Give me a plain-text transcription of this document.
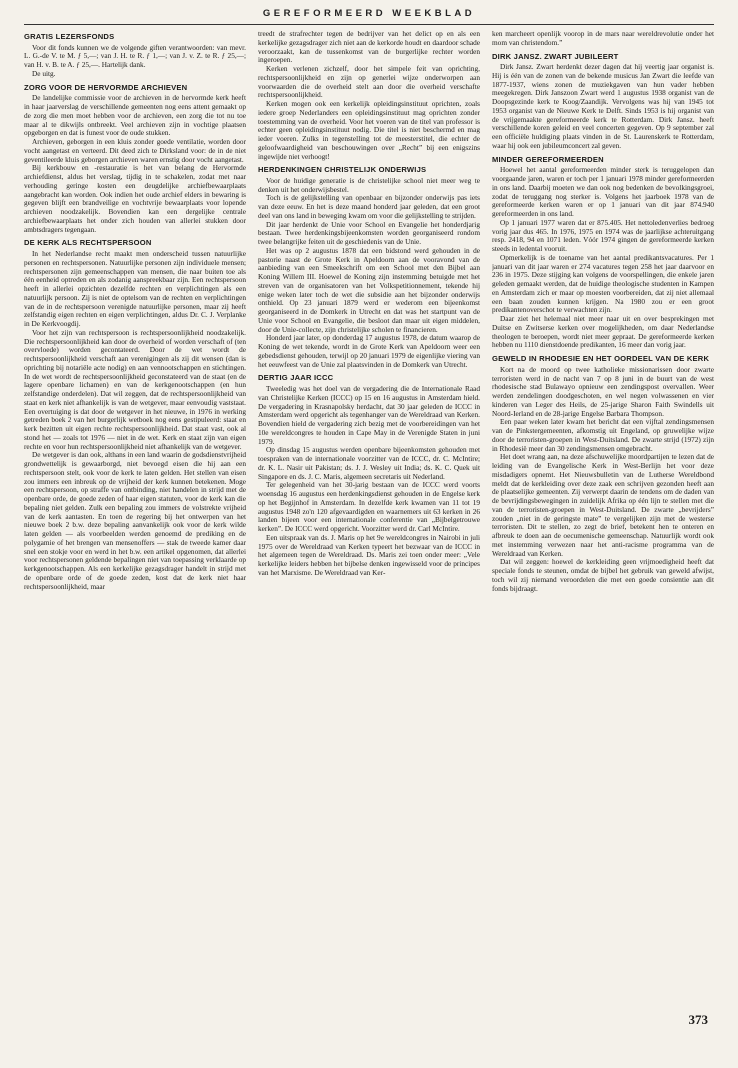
GEREFORMEERD WEEKBLAD
GRATIS LEZERSFONDS

Voor dit fonds kunnen we de volgende giften verantwoorden: van mevr. L. G.-de V. te M. ƒ 5,—; van J. H. te R. ƒ 1,—; van J. v. Z. te R. ƒ 25,—; van H. v. B. te A. ƒ 25,—. Hartelijk dank.

De uitg.

ZORG VOOR DE HERVORMDE ARCHIEVEN

De landelijke commissie voor de archieven in de hervormde kerk heeft in haar jaarverslag de verschillende gemeenten nog eens attent gemaakt op de zorg die men moet hebben voor de archieven, een zorg die tot nu toe maar al te dikwijls ontbreekt. Veel archieven zijn in vochtige plaatsen opgeborgen en dat is funest voor de oude stukken.

Archieven, geborgen in een kluis zonder goede ventilatie, worden door vocht aangetast en verteerd. Dit deed zich te Dirksland voor: de in de niet geventileerde kluis geborgen archieven waren ernstig door vocht aangetast.

Bij kerkbouw en -restauratie is het van belang de Hervormde archiefdienst, aldus het verslag, tijdig in te schakelen, zodat met naar verhouding geringe kosten een deugdelijke archiefbewaarplaats aangebracht kan worden. Ook indien het oude archief elders in bewaring is gegeven blijft een brandveilige en vochtvrije bewaarplaats voor lopende archieven noodzakelijk. Bovendien kan een dergelijke centrale archiefbewaarplaats het onder zich houden van allerlei stukken door ambtsdragers tegengaan.

DE KERK ALS RECHTSPERSOON

In het Nederlandse recht maakt men onderscheid tussen natuurlijke personen en rechtspersonen. Natuurlijke personen zijn individuele mensen; rechtspersonen zijn gemeenschappen van mensen, die naar buiten toe als één eenheid optreden en als zodanig aanspreekbaar zijn. Een rechtspersoon heeft in allerlei opzichten dezelfde rechten en verplichtingen als een natuurlijk persoon. Zij is niet de optelsom van de rechten en verplichtingen van de in de rechtspersoon verenigde natuurlijke personen, maar zij heeft zelfstandig eigen rechten en eigen verplichtingen, aldus Dr. C. J. Verplanke in De Kerkvoogdij.

Voor het zijn van rechtspersoon is rechtspersoonlijkheid noodzakelijk. Die rechtspersoonlijkheid kan door de overheid of worden verschaft of (ten overvloede) worden gecontateerd. Door de wet wordt de rechtspersoonlijkheid verschaft aan verenigingen als zij dit wensen (dan is oprichting bij notariële acte nodig) en aan vennootschappen en stichtingen. In de wet wordt de rechtspersoonlijkheid geconstateerd van de staat (en de lagere openbare lichamen) en van de kerkgenootschappen (en hun zelfstandige onderdelen). Dat wil zeggen, dat de rechtspersoonlijkheid van staat en kerk niet afhankelijk is van de wetgever, maar eenvoudig vaststaat. Een overtuiging is dat door de wetgever in het nieuwe, in 1976 in werking getreden boek 2 van het burgerlijk wetboek nog eens gestipuleerd: staat en kerk bezitten uit eigen rechte rechtspersoonlijkheid. Dat staat vast, ook al stond het — zoals tot 1976 — niet in de wet. Kerk en staat zijn van eigen rechte en voor hun rechtspersoonlijkheid niet afhankelijk van de wetgever.

De wetgever is dan ook, althans in een land waarin de godsdienstvrijheid grondwettelijk is gewaarborgd, niet bevoegd eisen die hij aan een rechtspersoon stelt, ook voor de kerk te laten gelden. Het stellen van eisen zou immers een inbreuk op de vrijheid der kerk kunnen betekenen. Moge een rechtspersoon, op straffe van ontbinding, niet handelen in strijd met de openbare orde, de goede zeden of haar eigen statuten, voor de kerk kan die bepaling niet gelden. Zulk een bepaling zou immers de volstrekte vrijheid van de kerk aantasten. En toen de regering bij het ontwerpen van het nieuwe boek 2 b.w. deze bepaling aanvankelijk ook voor de kerk wilde laten gelden — als voorbeelden werden genoemd de prediking en de polygamie of het brengen van mensenoffers — stak de tweede kamer daar snel een stokje voor en werd in het b.w. een artikel opgenomen, dat allerlei voor rechtspersonen geldende bepalingen niet van toepassing verklaarde op kerkgenootschappen. Als een kerkelijke gezagsdrager handelt in strijd met de openbare orde of de goede zeden, kost dat de kerk niet haar rechtspersoonlijkheid, maar

treedt de strafrechter tegen de bedrijver van het delict op en als een kerkelijke gezagsdrager zich niet aan de kerkorde houdt en daardoor schade veroorzaakt, kan de tussenkomst van de burgerlijke rechter worden ingeroepen.

Kerken verlenen zichzelf, door het simpele feit van oprichting, rechtspersoonlijkheid en zijn op generlei wijze onderworpen aan voorwaarden die de overheid stelt aan door die overheid verschafte rechtspersoonlijkheid.

Kerken mogen ook een kerkelijk opleidingsinstituut oprichten, zoals iedere groep Nederlanders een opleidingsinstituut mag oprichten zonder toestemming van de overheid. Voor het voeren van de titel van professor is echter geen opleidingsinstituut nodig. Die titel is niet beschermd en mag ieder voeren. Zulks in tegenstelling tot de meesterstitel, die echter de geloofwaardigheid van beschouwingen over „Recht” bij een enigszins ingewijde niet verhoogt!

HERDENKINGEN CHRISTELIJK ONDERWIJS

Voor de huidige generatie is de christelijke school niet meer weg te denken uit het onderwijsbestel.

Toch is de gelijkstelling van openbaar en bijzonder onderwijs pas iets van deze eeuw. En het is deze maand honderd jaar geleden, dat een groot deel van ons land in beweging kwam om voor die gelijkstelling te strijden.

Dit jaar herdenkt de Unie voor School en Evangelie het honderdjarig bestaan. Twee herdenkingsbijeenkomsten worden georganiseerd rondom twee belangrijke feiten uit de geschiedenis van de Unie.

Het was op 2 augustus 1878 dat een bidstond werd gehouden in de pastorie naast de Grote Kerk in Apeldoorn aan de vooravond van de aanbieding van een Smeekschrift om een School met den Bijbel aan Koning Willem III. Hoewel de Koning zijn instemming betuigde met het streven van de organisatoren van het Volkspetitionnement, tekende hij enige weken later toch de wet die subsidie aan het bijzonder onderwijs onthield. Op 23 januari 1879 werd er wederom een bijeenkomst georganiseerd in de Domkerk in Utrecht en dat was het startpunt van de Unie voor School en Evangelie, die besloot dan maar uit eigen middelen, door de Unie-collecte, zijn christelijke scholen te financieren.

Honderd jaar later, op donderdag 17 augustus 1978, de datum waarop de Koning de wet tekende, wordt in de Grote Kerk van Apeldoorn weer een gebedsdienst gehouden, terwijl op 20 januari 1979 de eigenlijke viering van het eeuwfeest van de Unie zal plaatsvinden in de Domkerk van Utrecht.

DERTIG JAAR ICCC

Tweeledig was het doel van de vergadering die de Internationale Raad van Christelijke Kerken (ICCC) op 15 en 16 augustus in Amsterdam hield. De vergadering in Krasnapolsky herdacht, dat 30 jaar geleden de ICCC in Amsterdam werd opgericht als tegenhanger van de Wereldraad van Kerken. Bovendien hield de vergadering zich bezig met de voorbereidingen van het 10e wereldcongres te houden in Cape May in de Verenigde Staten in juni 1979.

Op dinsdag 15 augustus werden openbare bijeenkomsten gehouden met toespraken van de internationale voorzitter van de ICCC, dr. C. McIntire; dr. K. L. Nasir uit Pakistan; ds. J. J. Wesley uit India; ds. K. C. Quek uit Singapore en ds. J. C. Maris, algemeen secretaris uit Nederland.

Ter gelegenheid van het 30-jarig bestaan van de ICCC werd voorts woensdag 16 augustus een herdenkingsdienst gehouden in de Engelse kerk op het Begijnhof in Amsterdam. In dezelfde kerk kwamen van 11 tot 19 augustus 1948 zo'n 120 afgevaardigden en waarnemers uit 63 kerken in 26 landen bijeen voor een internationale conferentie van „Bijbelgetrouwe kerken”. De ICCC werd opgericht. Voorzitter werd dr. Carl McIntire.

Een uitspraak van ds. J. Maris op het 9e wereldcongres in Nairobi in juli 1975 over de Wereldraad van Kerken typeert het bezwaar van de ICCC in het algemeen tegen de Wereldraad. Ds. Maris zei toen onder meer: „Vele kerkelijke leiders hebben het bijbelse denken ingewisseld voor de principes van het Marxisme. De Wereldraad van Ker-

ken marcheert openlijk voorop in de mars naar wereldrevolutie onder het mom van christendom.”

DIRK JANSZ. ZWART JUBILEERT

Dirk Jansz. Zwart herdenkt dezer dagen dat hij veertig jaar organist is. Hij is één van de zonen van de bekende musicus Jan Zwart die leefde van 1877-1937, wiens zonen de muziekgaven van hun vader hebben meegekregen. Dirk Janszoon Zwart werd 1 augustus 1938 organist van de Doopsgezinde kerk te Koog/Zaandijk. Vervolgens was hij van 1945 tot 1953 organist van de Nieuwe Kerk te Delft. Sinds 1953 is hij organist van de vrijgemaakte gereformeerde kerk te Rotterdam. Dirk Jansz. heeft verschillende koren geleid en veel concerten gegeven. Op 9 september zal een officiële huldiging plaats vinden in de St. Laurenskerk te Rotterdam, waar hij ook een jubileumconcert zal geven.

MINDER GEREFORMEERDEN

Hoewel het aantal gereformeerden minder sterk is teruggelopen dan voorgaande jaren, waren er toch per 1 januari 1978 minder gereformeerden in ons land. Daarbij moeten we dan ook nog bedenken de bevolkingsgroei, zodat de teruggang nog sterker is. Volgens het jaarboek 1978 van de gereformeerde kerken waren er op 1 januari van dit jaar 874.940 gereformeerden in ons land.

Op 1 januari 1977 waren dat er 875.405. Het nettoledenverlies bedroeg vorig jaar dus 465. In 1976, 1975 en 1974 was de jaarlijkse achteruitgang resp. 2418, 94 en 1071 leden. Vóór 1974 gingen de gereformeerde kerken steeds in ledental vooruit.

Opmerkelijk is de toename van het aantal predikantsvacatures. Per 1 januari van dit jaar waren er 274 vacatures tegen 258 het jaar daarvoor en 236 in 1975. Deze stijging kan volgens de voorspellingen, die enkele jaren geleden gemaakt werden, dat de huidige theologische studenten in Kampen en Amsterdam zich er maar op moesten voorbereiden, dat zij niet allemaal een baan zouden kunnen krijgen. Na 1980 zou er een groot predikantenoverschot te verwachten zijn.

Daar ziet het helemaal niet meer naar uit en over besprekingen met Duitse en Zwitserse kerken over mogelijkheden, om daar Nederlandse theologen te beroepen, wordt niet meer gepraat. De gereformeerde kerken hebben nu 1110 dienstdoende predikanten, 16 meer dan vorig jaar.

GEWELD IN RHODESIE EN HET OORDEEL VAN DE KERK

Kort na de moord op twee katholieke missionarissen door zwarte terroristen werd in de nacht van 7 op 8 juni in de buurt van de west rhodesische stad Bulawayo opnieuw een zendingspost overvallen. Weer werden zendelingen doodgeschoten, en wel negen volwassenen en vier kinderen van Leger des Heils, de 25-jarige Sharon Faith Swindells uit Noord-Ierland en de 28-jarige Engelse Barbara Thompson.

Een paar weken later kwam het bericht dat een vijftal zendingsmensen van de Pinkstergemeenten, afkomstig uit Engeland, op gruwelijke wijze door de terroristen-groepen in West-Duitsland. De zwarte strijd (1972) zijn in Rhodesië meer dan 30 zendingsmensen omgebracht.

Het doet wrang aan, na deze afschuwelijke moordpartijen te lezen dat de leiding van de Evangelische Kerk in West-Berlijn het voor deze misdadigers opnemt. Het Nieuwsbulletin van de Lutherse Wereldbond meldt dat de kerkleiding over deze zaak een schrijven gezonden heeft aan de plaatselijke gemeenten. Zij verwerpt daarin de tendens om de daden van de bevrijdingsbewegingen in zuidelijk Afrika op één lijn te stellen met die van de terroristen-groepen in West-Duitsland. De zwarte „bevrijders” zouden „niet in de geringste mate” te vergelijken zijn met de westerse terroristen. Dit te stellen, zo zegt de brief, betekent hen te onteren en afbreuk te doen aan de oecumenische gemeenschap. Natuurlijk wordt ook met instemming verwezen naar het anti-racisme programma van de Wereldraad van Kerken.

Dat wil zeggen: hoewel de kerkleiding geen vrijmoedigheid heeft dat speciale fonds te steunen, omdat de bijbel het gebruik van geweld afwijst, toch wil zij niemand veroordelen die met een goede consientie aan dit fonds bijdraagt.

373
